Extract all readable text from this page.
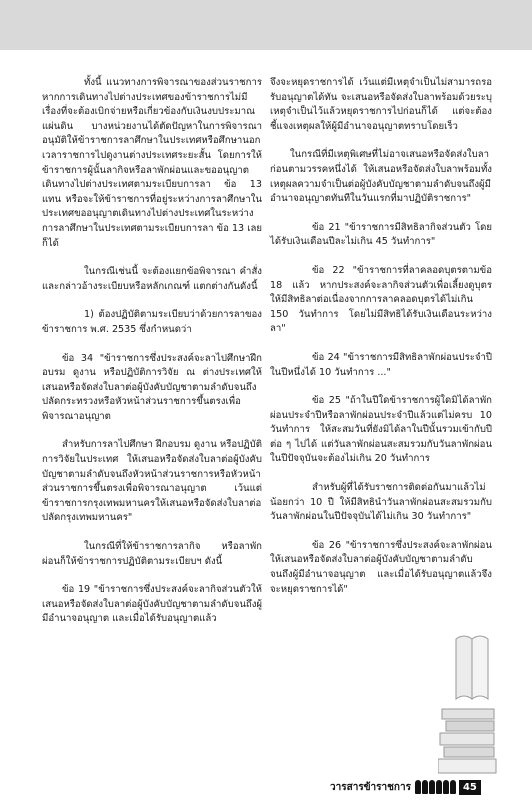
ทั้งนี้ แนวทางการพิจารณาของส่วนราชการหากการเดินทางไปต่างประเทศของข้าราชการไม่มีเรื่องที่จะต้องเบิกจ่ายหรือเกี่ยวข้องกับเงินงบประมาณแผ่นดิน บางหน่วยงานได้ตัดปัญหาในการพิจารณาอนุมัติให้ข้าราชการลาศึกษาในประเทศหรือศึกษานอกเวลาราชการไปดูงานต่างประเทศระยะสั้น โดยการให้ข้าราชการผู้นั้นลากิจหรือลาพักผ่อนและขออนุญาตเดินทางไปต่างประเทศตามระเบียบการลา ข้อ 13 แทน หรือจะให้ข้าราชการที่อยู่ระหว่างการลาศึกษาในประเทศขออนุญาตเดินทางไปต่างประเทศในระหว่างการลาศึกษาในประเทศตามระเบียบการลา ข้อ 13 เลยก็ได้

ในกรณีเช่นนี้ จะต้องแยกข้อพิจารณา คำสั่งและกล่าวอ้างระเบียบหรือหลักเกณฑ์ แตกต่างกันดังนี้

1) ต้องปฏิบัติตามระเบียบว่าด้วยการลาของข้าราชการ พ.ศ. 2535 ซึ่งกำหนดว่า

ข้อ 34 "ข้าราชการซึ่งประสงค์จะลาไปศึกษาฝึกอบรม ดูงาน หรือปฏิบัติการวิจัย ณ ต่างประเทศให้เสนอหรือจัดส่งใบลาต่อผู้บังคับบัญชาตามลำดับจนถึงปลัดกระทรวงหรือหัวหน้าส่วนราชการขึ้นตรงเพื่อพิจารณาอนุญาต

สำหรับการลาไปศึกษา ฝึกอบรม ดูงาน หรือปฏิบัติการวิจัยในประเทศ ให้เสนอหรือจัดส่งใบลาต่อผู้บังคับบัญชาตามลำดับจนถึงหัวหน้าส่วนราชการหรือหัวหน้าส่วนราชการขึ้นตรงเพื่อพิจารณาอนุญาต เว้นแต่ข้าราชการกรุงเทพมหานครให้เสนอหรือจัดส่งใบลาต่อปลัดกรุงเทพมหานคร"

ในกรณีที่ให้ข้าราชการลากิจ หรือลาพักผ่อนก็ให้ข้าราชการปฏิบัติตามระเบียบฯ ดังนี้

ข้อ 19 "ข้าราชการซึ่งประสงค์จะลากิจส่วนตัวให้เสนอหรือจัดส่งใบลาต่อผู้บังคับบัญชาตามลำดับจนถึงผู้มีอำนาจอนุญาต และเมื่อได้รับอนุญาตแล้ว

จึงจะหยุดราชการได้ เว้นแต่มีเหตุจำเป็นไม่สามารถรอรับอนุญาตได้ทัน จะเสนอหรือจัดส่งใบลาพร้อมด้วยระบุเหตุจำเป็นไว้แล้วหยุดราชการไปก่อนก็ได้ แต่จะต้องชี้แจงเหตุผลให้ผู้มีอำนาจอนุญาตทราบโดยเร็ว

ในกรณีที่มีเหตุพิเศษที่ไม่อาจเสนอหรือจัดส่งใบลาก่อนตามวรรคหนึ่งได้ ให้เสนอหรือจัดส่งใบลาพร้อมทั้งเหตุผลความจำเป็นต่อผู้บังคับบัญชาตามลำดับจนถึงผู้มีอำนาจอนุญาตทันทีในวันแรกที่มาปฏิบัติราชการ"

ข้อ 21 "ข้าราชการมีสิทธิลากิจส่วนตัว โดยได้รับเงินเดือนปีละไม่เกิน 45 วันทำการ"

ข้อ 22 "ข้าราชการที่ลาคลอดบุตรตามข้อ 18 แล้ว หากประสงค์จะลากิจส่วนตัวเพื่อเลี้ยงดูบุตร ให้มีสิทธิลาต่อเนื่องจากการลาคลอดบุตรได้ไม่เกิน 150 วันทำการ โดยไม่มีสิทธิได้รับเงินเดือนระหว่างลา"

ข้อ 24 "ข้าราชการมีสิทธิลาพักผ่อนประจำปีในปีหนึ่งได้ 10 วันทำการ ..."

ข้อ 25 "ถ้าในปีใดข้าราชการผู้ใดมิได้ลาพักผ่อนประจำปีหรือลาพักผ่อนประจำปีแล้วแต่ไม่ครบ 10 วันทำการ ให้สะสมวันที่ยังมิได้ลาในปีนั้นรวมเข้ากับปีต่อ ๆ ไปได้ แต่วันลาพักผ่อนสะสมรวมกับวันลาพักผ่อนในปีปัจจุบันจะต้องไม่เกิน 20 วันทำการ

สำหรับผู้ที่ได้รับราชการติดต่อกันมาแล้วไม่น้อยกว่า 10 ปี ให้มีสิทธินำวันลาพักผ่อนสะสมรวมกับวันลาพักผ่อนในปีปัจจุบันได้ไม่เกิน 30 วันทำการ"

ข้อ 26 "ข้าราชการซึ่งประสงค์จะลาพักผ่อนให้เสนอหรือจัดส่งใบลาต่อผู้บังคับบัญชาตามลำดับจนถึงผู้มีอำนาจอนุญาต และเมื่อได้รับอนุญาตแล้วจึงจะหยุดราชการได้"

วารสารข้าราชการ	45
